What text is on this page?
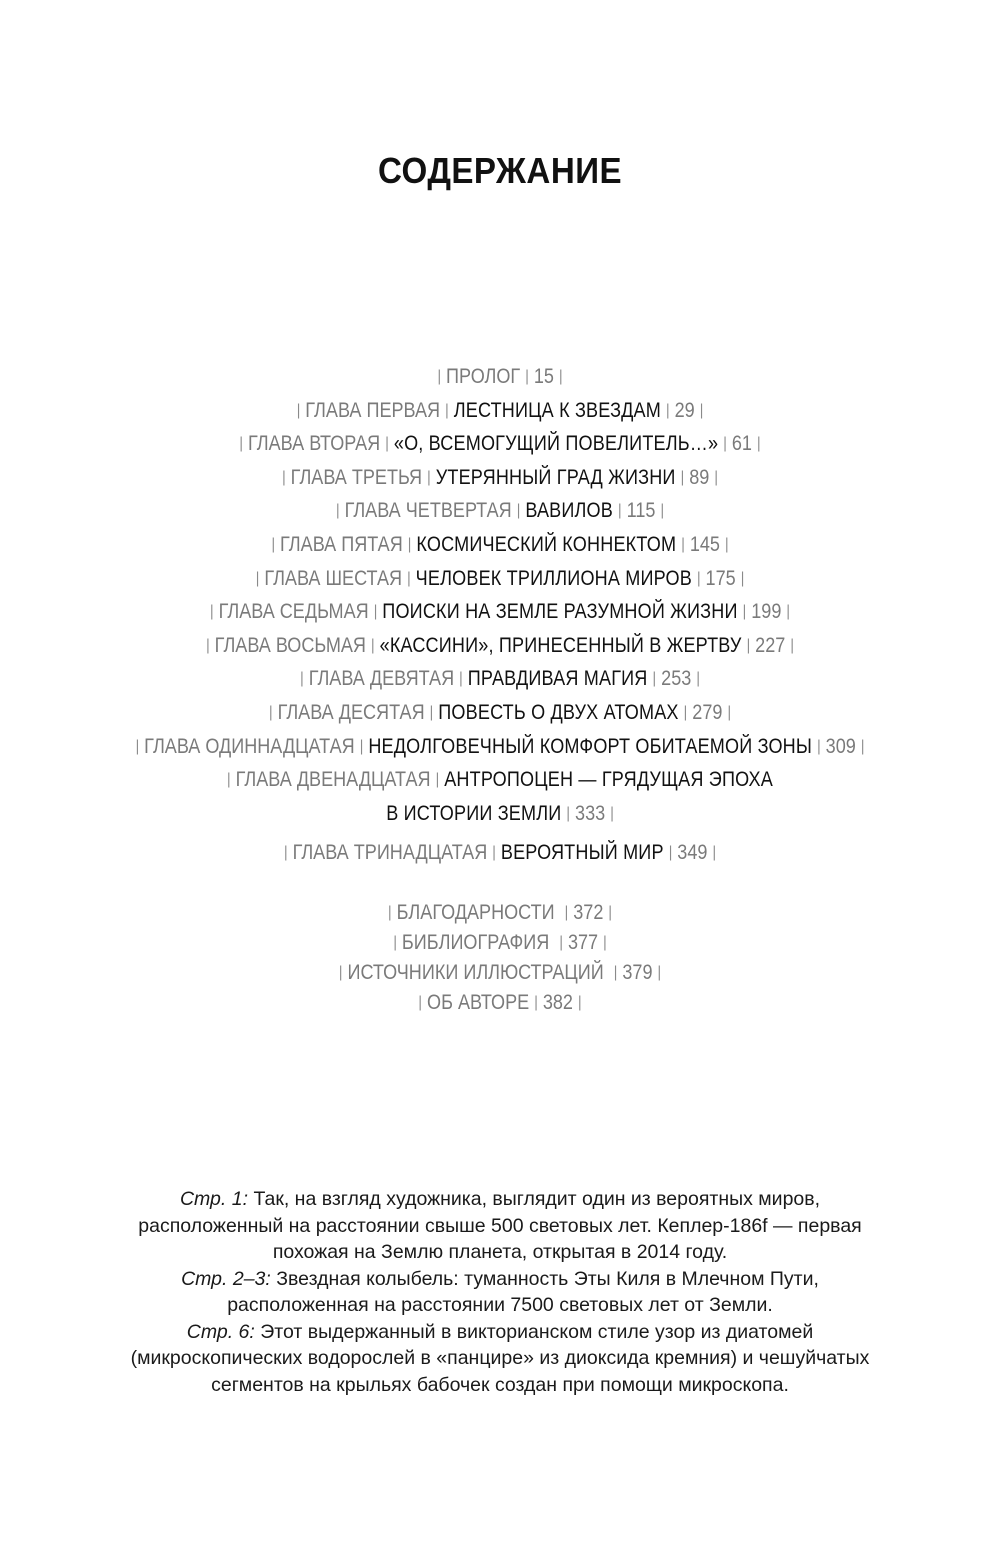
СОДЕРЖАНИЕ
| ПРОЛОГ | 15 |
| ГЛАВА ПЕРВАЯ | ЛЕСТНИЦА К ЗВЕЗДАМ | 29 |
| ГЛАВА ВТОРАЯ | «О, ВСЕМОГУЩИЙ ПОВЕЛИТЕЛЬ…» | 61 |
| ГЛАВА ТРЕТЬЯ | УТЕРЯННЫЙ ГРАД ЖИЗНИ | 89 |
| ГЛАВА ЧЕТВЕРТАЯ | ВАВИЛОВ | 115 |
| ГЛАВА ПЯТАЯ | КОСМИЧЕСКИЙ КОННЕКТОМ | 145 |
| ГЛАВА ШЕСТАЯ | ЧЕЛОВЕК ТРИЛЛИОНА МИРОВ | 175 |
| ГЛАВА СЕДЬМАЯ | ПОИСКИ НА ЗЕМЛЕ РАЗУМНОЙ ЖИЗНИ | 199 |
| ГЛАВА ВОСЬМАЯ | «КАССИНИ», ПРИНЕСЕННЫЙ В ЖЕРТВУ | 227 |
| ГЛАВА ДЕВЯТАЯ | ПРАВДИВАЯ МАГИЯ | 253 |
| ГЛАВА ДЕСЯТАЯ | ПОВЕСТЬ О ДВУХ АТОМАХ | 279 |
| ГЛАВА ОДИННАДЦАТАЯ | НЕДОЛГОВЕЧНЫЙ КОМФОРТ ОБИТАЕМОЙ ЗОНЫ | 309 |
| ГЛАВА ДВЕНАДЦАТАЯ | АНТРОПОЦЕН — ГРЯДУЩАЯ ЭПОХА
В ИСТОРИИ ЗЕМЛИ | 333 |
| ГЛАВА ТРИНАДЦАТАЯ | ВЕРОЯТНЫЙ МИР | 349 |
| БЛАГОДАРНОСТИ | 372 |
| БИБЛИОГРАФИЯ | 377 |
| ИСТОЧНИКИ ИЛЛЮСТРАЦИЙ | 379 |
| ОБ АВТОРЕ | 382 |

Стр. 1: Так, на взгляд художника, выглядит один из вероятных миров, расположенный на расстоянии свыше 500 световых лет. Кеплер-186f — первая похожая на Землю планета, открытая в 2014 году.

Стр. 2–3: Звездная колыбель: туманность Эты Киля в Млечном Пути, расположенная на расстоянии 7500 световых лет от Земли.

Стр. 6: Этот выдержанный в викторианском стиле узор из диатомей (микроскопических водорослей в «панцире» из диоксида кремния) и чешуйчатых сегментов на крыльях бабочек создан при помощи микроскопа.
